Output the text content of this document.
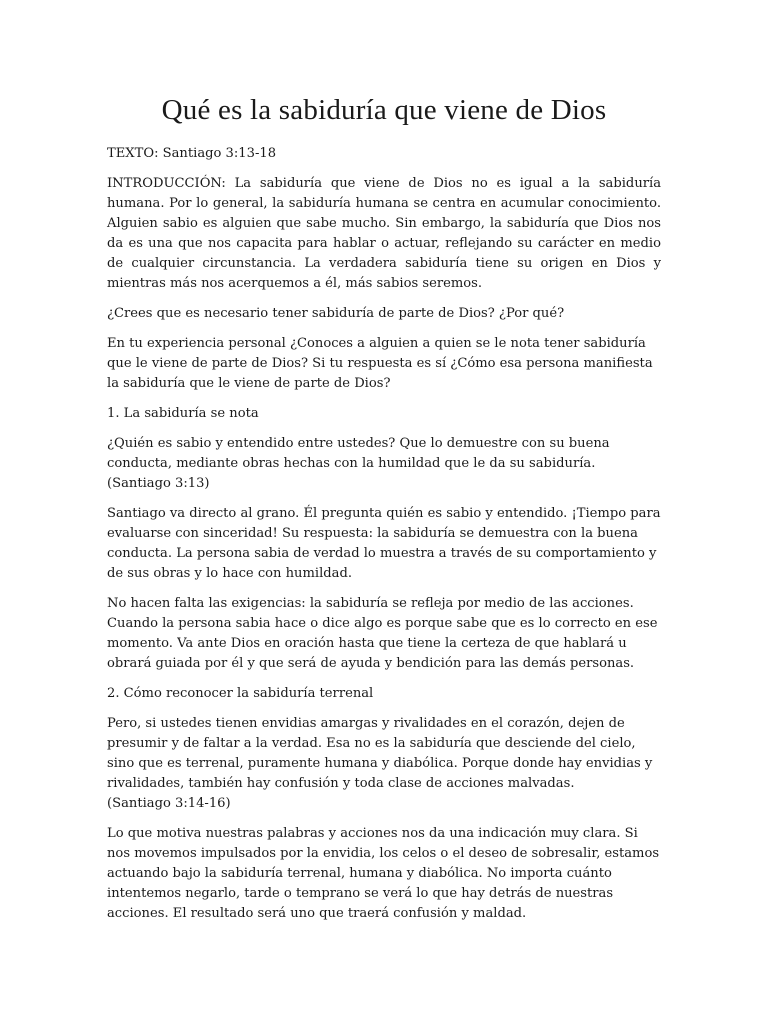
Qué es la sabiduría que viene de Dios

TEXTO: Santiago 3:13-18

INTRODUCCIÓN: La sabiduría que viene de Dios no es igual a la sabiduría humana. Por lo general, la sabiduría humana se centra en acumular conocimiento. Alguien sabio es alguien que sabe mucho. Sin embargo, la sabiduría que Dios nos da es una que nos capacita para hablar o actuar, reflejando su carácter en medio de cualquier circunstancia. La verdadera sabiduría tiene su origen en Dios y mientras más nos acerquemos a él, más sabios seremos.

¿Crees que es necesario tener sabiduría de parte de Dios? ¿Por qué?

En tu experiencia personal ¿Conoces a alguien a quien se le nota tener sabiduría que le viene de parte de Dios? Si tu respuesta es sí ¿Cómo esa persona manifiesta la sabiduría que le viene de parte de Dios?

1. La sabiduría se nota

¿Quién es sabio y entendido entre ustedes? Que lo demuestre con su buena conducta, mediante obras hechas con la humildad que le da su sabiduría.
(Santiago 3:13)

Santiago va directo al grano. Él pregunta quién es sabio y entendido. ¡Tiempo para evaluarse con sinceridad! Su respuesta: la sabiduría se demuestra con la buena conducta. La persona sabia de verdad lo muestra a través de su comportamiento y de sus obras y lo hace con humildad.

No hacen falta las exigencias: la sabiduría se refleja por medio de las acciones. Cuando la persona sabia hace o dice algo es porque sabe que es lo correcto en ese momento. Va ante Dios en oración hasta que tiene la certeza de que hablará u obrará guiada por él y que será de ayuda y bendición para las demás personas.

2. Cómo reconocer la sabiduría terrenal

Pero, si ustedes tienen envidias amargas y rivalidades en el corazón, dejen de presumir y de faltar a la verdad. Esa no es la sabiduría que desciende del cielo, sino que es terrenal, puramente humana y diabólica. Porque donde hay envidias y rivalidades, también hay confusión y toda clase de acciones malvadas.
(Santiago 3:14-16)

Lo que motiva nuestras palabras y acciones nos da una indicación muy clara. Si nos movemos impulsados por la envidia, los celos o el deseo de sobresalir, estamos actuando bajo la sabiduría terrenal, humana y diabólica. No importa cuánto intentemos negarlo, tarde o temprano se verá lo que hay detrás de nuestras acciones. El resultado será uno que traerá confusión y maldad.
